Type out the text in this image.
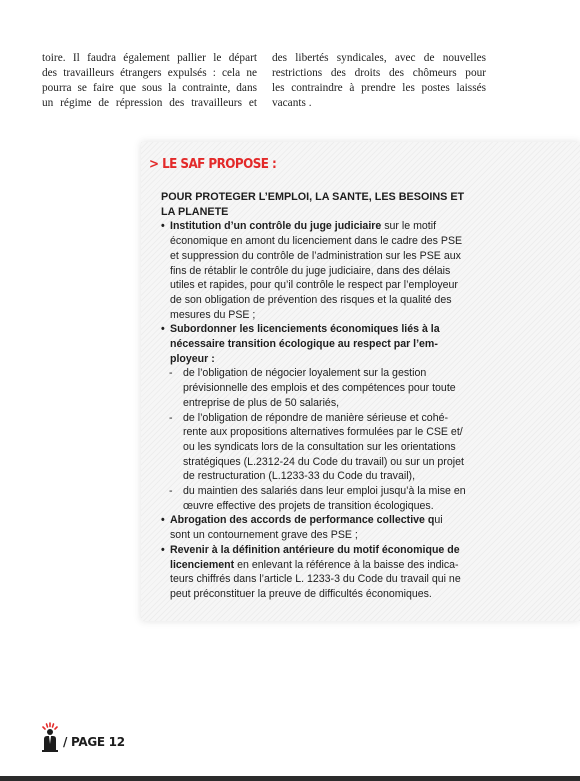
toire. Il faudra également pallier le départ
des travailleurs étrangers expulsés : cela ne
pourra se faire que sous la contrainte, dans
un régime de répression des travailleurs et
des libertés syndicales, avec de nouvelles
restrictions des droits des chômeurs pour
les contraindre à prendre les postes laissés
vacants .
> LE SAF PROPOSE :
POUR PROTEGER L’EMPLOI, LA SANTE, LES BESOINS ET
LA PLANETE
• Institution d’un contrôle du juge judiciaire sur le motif
économique en amont du licenciement dans le cadre des PSE
et suppression du contrôle de l’administration sur les PSE aux
fins de rétablir le contrôle du juge judiciaire, dans des délais
utiles et rapides, pour qu’il contrôle le respect par l’employeur
de son obligation de prévention des risques et la qualité des
mesures du PSE ;
• Subordonner les licenciements économiques liés à la
nécessaire transition écologique au respect par l’em-
ployeur :
- de l’obligation de négocier loyalement sur la gestion
prévisionnelle des emplois et des compétences pour toute
entreprise de plus de 50 salariés,
- de l’obligation de répondre de manière sérieuse et cohé-
rente aux propositions alternatives formulées par le CSE et/
ou les syndicats lors de la consultation sur les orientations
stratégiques (L.2312-24 du Code du travail) ou sur un projet
de restructuration (L.1233-33 du Code du travail),
- du maintien des salariés dans leur emploi jusqu’à la mise en
œuvre effective des projets de transition écologiques.
• Abrogation des accords de performance collective qui
sont un contournement grave des PSE ;
• Revenir à la définition antérieure du motif économique de
licenciement en enlevant la référence à la baisse des indica-
teurs chiffrés dans l’article L. 1233-3 du Code du travail qui ne
peut préconstituer la preuve de difficultés économiques.
/ PAGE 12
